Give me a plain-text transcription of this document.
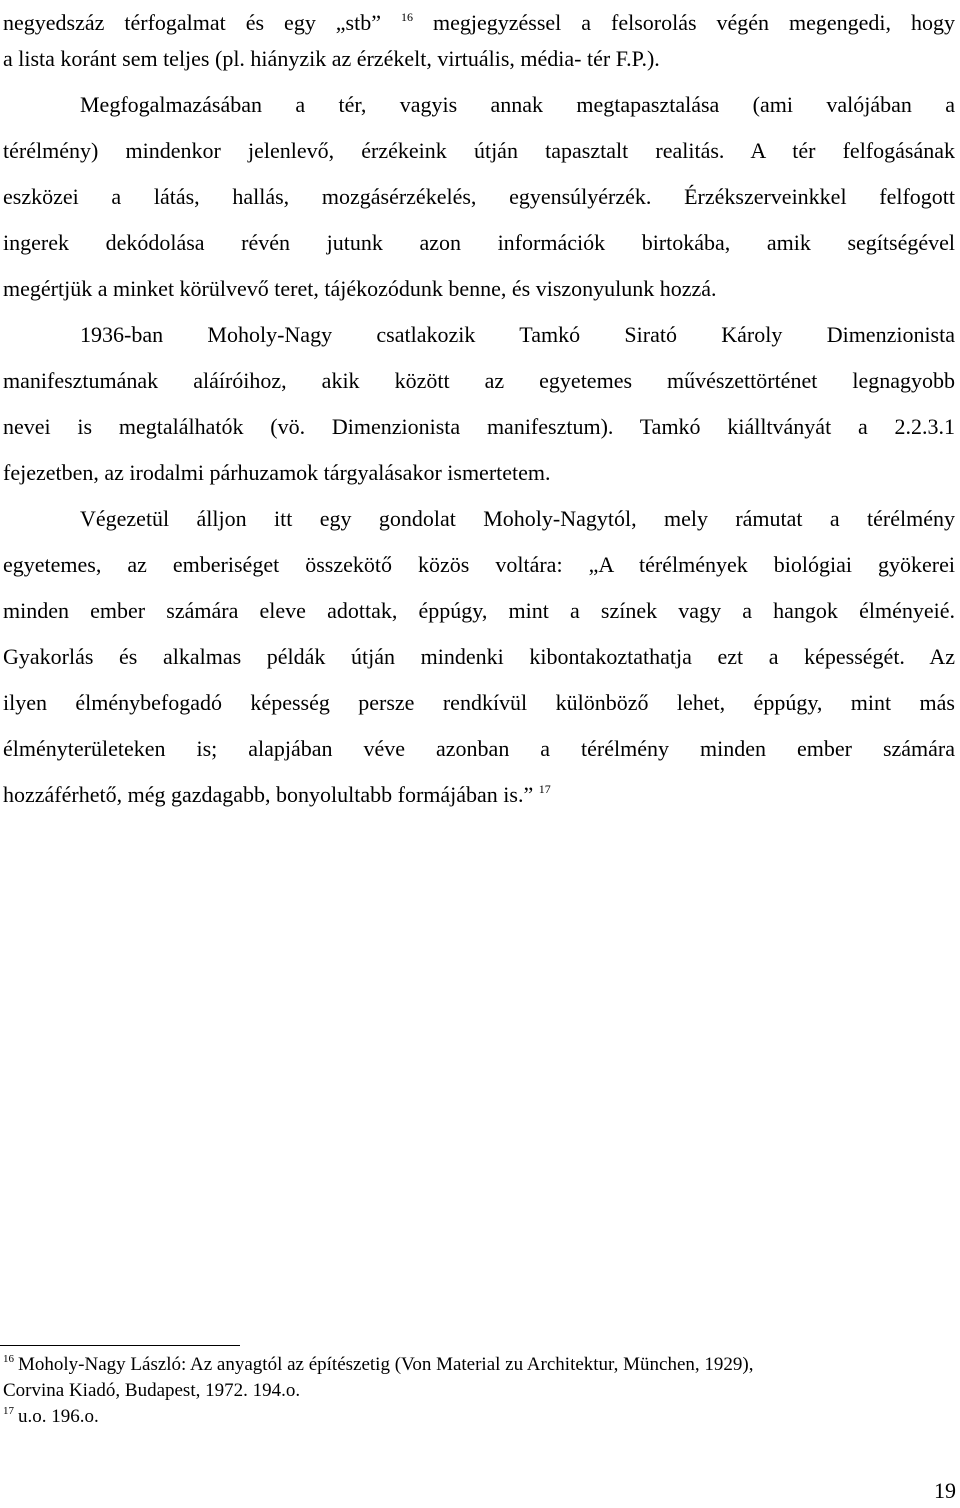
negyedszáz térfogalmat és egy „stb” $^{16}$ megjegyzéssel a felsorolás végén megengedi, hogy
a lista koránt sem teljes (pl. hiányzik az érzékelt, virtuális, média- tér F.P.).
Megfogalmazásában a tér, vagyis annak megtapasztalása (ami valójában a
térélmény) mindenkor jelenlevő, érzékeink útján tapasztalt realitás. A tér felfogásának
eszközei a látás, hallás, mozgásérzékelés, egyensúlyérzék. Érzékszerveinkkel felfogott
ingerek dekódolása révén jutunk azon információk birtokába, amik segítségével
megértjük a minket körülvevő teret, tájékozódunk benne, és viszonyulunk hozzá.
1936-ban Moholy-Nagy csatlakozik Tamkó Sirató Károly Dimenzionista
manifesztumának aláíróihoz, akik között az egyetemes művészettörténet legnagyobb
nevei is megtalálhatók (vö. Dimenzionista manifesztum). Tamkó kiálltványát a 2.2.3.1
fejezetben, az irodalmi párhuzamok tárgyalásakor ismertetem.
Végezetül álljon itt egy gondolat Moholy-Nagytól, mely rámutat a térélmény
egyetemes, az emberiséget összekötő közös voltára: „A térélmények biológiai gyökerei
minden ember számára eleve adottak, éppúgy, mint a színek vagy a hangok élményeié.
Gyakorlás és alkalmas példák útján mindenki kibontakoztathatja ezt a képességét. Az
ilyen élménybefogadó képesség persze rendkívül különböző lehet, éppúgy, mint más
élményterületeken is; alapjában véve azonban a térélmény minden ember számára
hozzáférhető, még gazdagabb, bonyolultabb formájában is.” $^{17}$
$^{16}$ Moholy-Nagy László: Az anyagtól az építészetig (Von Material zu Architektur, München, 1929),
Corvina Kiadó, Budapest, 1972. 194.o.
$^{17}$ u.o. 196.o.
19
